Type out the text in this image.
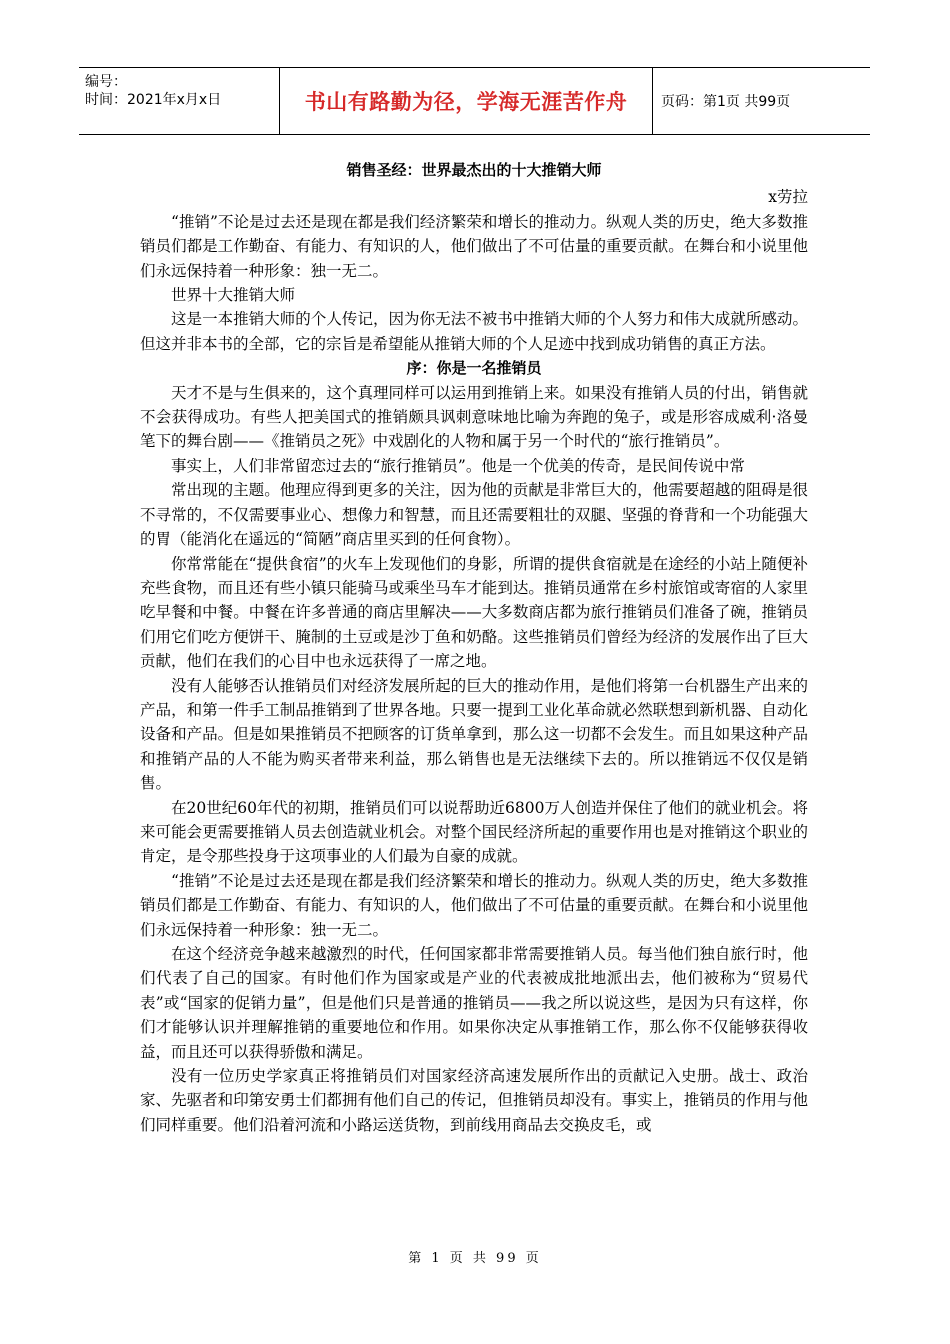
编号：
时间：2021年x月x日	书山有路勤为径，学海无涯苦作舟	页码：第1页 共99页

销售圣经：世界最杰出的十大推销大师

x劳拉

“推销”不论是过去还是现在都是我们经济繁荣和增长的推动力。纵观人类的历史，绝大多数推销员们都是工作勤奋、有能力、有知识的人，他们做出了不可估量的重要贡献。在舞台和小说里他们永远保持着一种形象：独一无二。

世界十大推销大师

这是一本推销大师的个人传记，因为你无法不被书中推销大师的个人努力和伟大成就所感动。但这并非本书的全部，它的宗旨是希望能从推销大师的个人足迹中找到成功销售的真正方法。

序：你是一名推销员

天才不是与生俱来的，这个真理同样可以运用到推销上来。如果没有推销人员的付出，销售就不会获得成功。有些人把美国式的推销颇具讽刺意味地比喻为奔跑的兔子，或是形容成威利·洛曼笔下的舞台剧——《推销员之死》中戏剧化的人物和属于另一个时代的“旅行推销员”。

事实上，人们非常留恋过去的“旅行推销员”。他是一个优美的传奇，是民间传说中常

常出现的主题。他理应得到更多的关注，因为他的贡献是非常巨大的，他需要超越的阻碍是很不寻常的，不仅需要事业心、想像力和智慧，而且还需要粗壮的双腿、坚强的脊背和一个功能强大的胃（能消化在遥远的“简陋”商店里买到的任何食物）。

你常常能在“提供食宿”的火车上发现他们的身影，所谓的提供食宿就是在途经的小站上随便补充些食物，而且还有些小镇只能骑马或乘坐马车才能到达。推销员通常在乡村旅馆或寄宿的人家里吃早餐和中餐。中餐在许多普通的商店里解决——大多数商店都为旅行推销员们准备了碗，推销员们用它们吃方便饼干、腌制的土豆或是沙丁鱼和奶酪。这些推销员们曾经为经济的发展作出了巨大贡献，他们在我们的心目中也永远获得了一席之地。

没有人能够否认推销员们对经济发展所起的巨大的推动作用，是他们将第一台机器生产出来的产品，和第一件手工制品推销到了世界各地。只要一提到工业化革命就必然联想到新机器、自动化设备和产品。但是如果推销员不把顾客的订货单拿到，那么这一切都不会发生。而且如果这种产品和推销产品的人不能为购买者带来利益，那么销售也是无法继续下去的。所以推销远不仅仅是销售。

在20世纪60年代的初期，推销员们可以说帮助近6800万人创造并保住了他们的就业机会。将来可能会更需要推销人员去创造就业机会。对整个国民经济所起的重要作用也是对推销这个职业的肯定，是令那些投身于这项事业的人们最为自豪的成就。

“推销”不论是过去还是现在都是我们经济繁荣和增长的推动力。纵观人类的历史，绝大多数推销员们都是工作勤奋、有能力、有知识的人，他们做出了不可估量的重要贡献。在舞台和小说里他们永远保持着一种形象：独一无二。

在这个经济竞争越来越激烈的时代，任何国家都非常需要推销人员。每当他们独自旅行时，他们代表了自己的国家。有时他们作为国家或是产业的代表被成批地派出去，他们被称为“贸易代表”或“国家的促销力量”，但是他们只是普通的推销员——我之所以说这些，是因为只有这样，你们才能够认识并理解推销的重要地位和作用。如果你决定从事推销工作，那么你不仅能够获得收益，而且还可以获得骄傲和满足。

没有一位历史学家真正将推销员们对国家经济高速发展所作出的贡献记入史册。战士、政治家、先驱者和印第安勇士们都拥有他们自己的传记，但推销员却没有。事实上，推销员的作用与他们同样重要。他们沿着河流和小路运送货物，到前线用商品去交换皮毛，或

第 1 页 共 99 页
